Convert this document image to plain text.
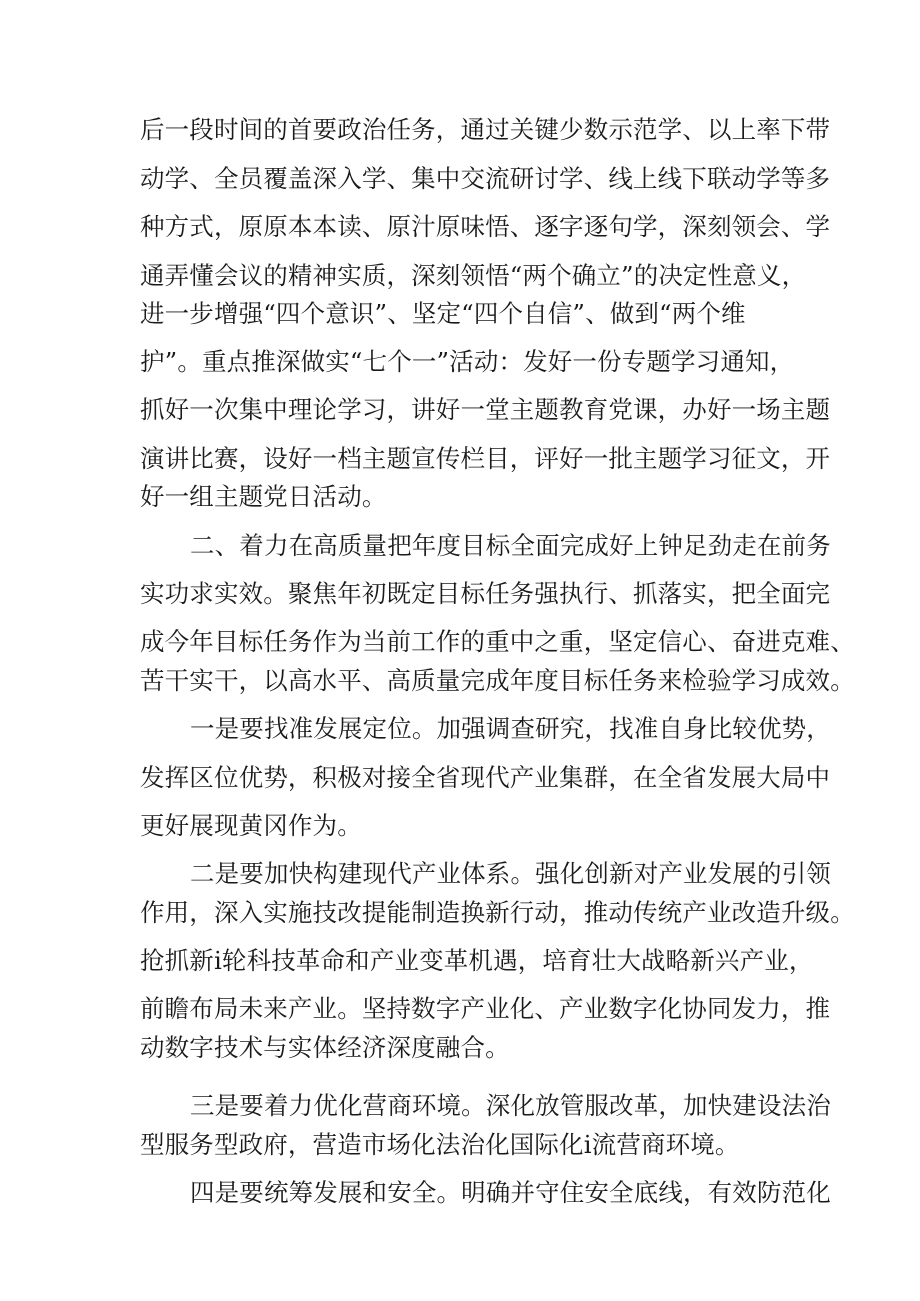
后一段时间的首要政治任务，通过关键少数示范学、以上率下带
动学、全员覆盖深入学、集中交流研讨学、线上线下联动学等多
种方式，原原本本读、原汁原味悟、逐字逐句学，深刻领会、学
通弄懂会议的精神实质，深刻领悟“两个确立”的决定性意义，
进一步增强“四个意识”、坚定“四个自信”、做到“两个维
护”。重点推深做实“七个一”活动：发好一份专题学习通知，
抓好一次集中理论学习，讲好一堂主题教育党课，办好一场主题
演讲比赛，设好一档主题宣传栏目，评好一批主题学习征文，开
好一组主题党日活动。
二、着力在高质量把年度目标全面完成好上钟足劲走在前务
实功求实效。聚焦年初既定目标任务强执行、抓落实，把全面完
成今年目标任务作为当前工作的重中之重，坚定信心、奋进克难、
苦干实干，以高水平、高质量完成年度目标任务来检验学习成效。
一是要找准发展定位。加强调查研究，找准自身比较优势，
发挥区位优势，积极对接全省现代产业集群，在全省发展大局中
更好展现黄冈作为。
二是要加快构建现代产业体系。强化创新对产业发展的引领
作用，深入实施技改提能制造换新行动，推动传统产业改造升级。
抢抓新i轮科技革命和产业变革机遇，培育壮大战略新兴产业，
前瞻布局未来产业。坚持数字产业化、产业数字化协同发力，推
动数字技术与实体经济深度融合。
三是要着力优化营商环境。深化放管服改革，加快建设法治
型服务型政府，营造市场化法治化国际化i流营商环境。
四是要统筹发展和安全。明确并守住安全底线，有效防范化
